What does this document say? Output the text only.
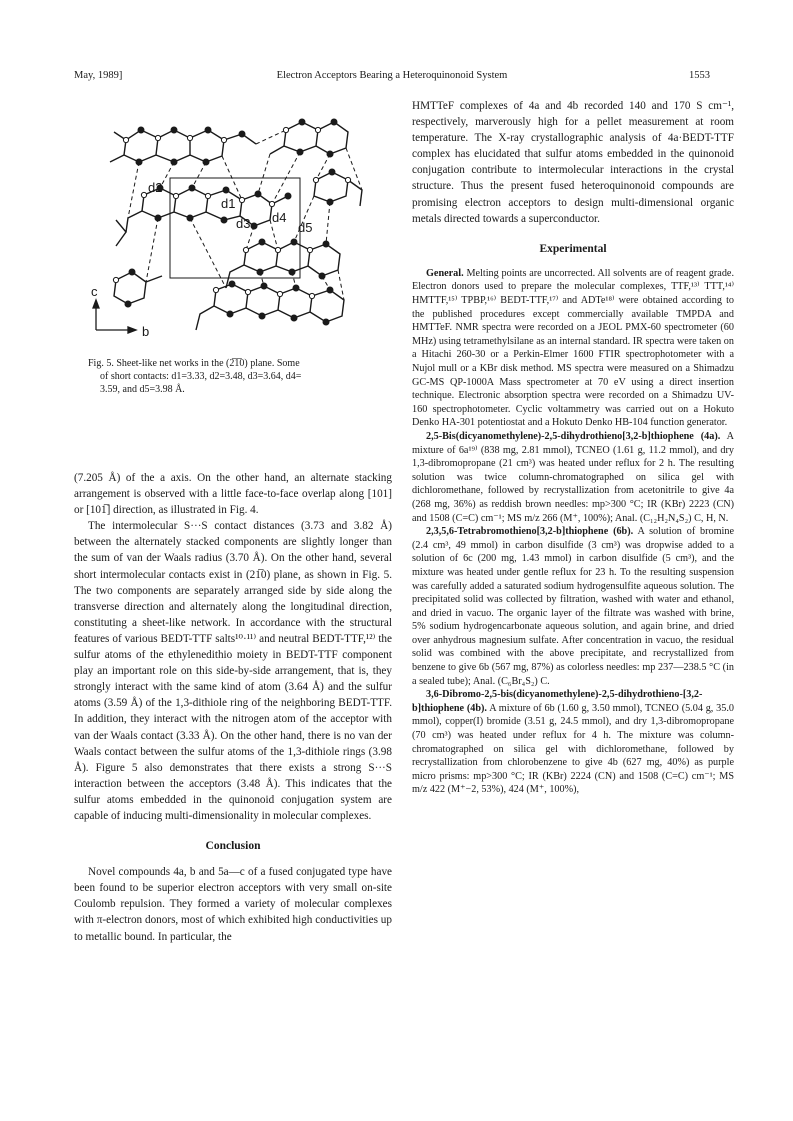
May, 1989]	Electron Acceptors Bearing a Heteroquinonoid System	1553
d2
d1
d3 d4
d5
c
b
Fig. 5. Sheet-like net works in the (2̅1̅0) plane. Some
of short contacts: d1=3.33, d2=3.48, d3=3.64, d4=
3.59, and d5=3.98 Å.

(7.205 Å) of the a axis. On the other hand, an alternate stacking arrangement is observed with a little face-to-face overlap along [101] or [101̅] direction, as illustrated in Fig. 4.

The intermolecular S···S contact distances (3.73 and 3.82 Å) between the alternately stacked components are slightly longer than the sum of van der Waals radius (3.70 Å). On the other hand, several short intermolecular contacts exist in (21̅0) plane, as shown in Fig. 5. The two components are separately arranged side by side along the transverse direction and alternately along the longitudinal direction, constituting a sheet-like network. In accordance with the structural features of various BEDT-TTF salts¹⁰·¹¹⁾ and neutral BEDT-TTF,¹²⁾ the sulfur atoms of the ethylenedithio moiety in BEDT-TTF component play an important role on this side-by-side arrangement, that is, they strongly interact with the same kind of atom (3.64 Å) and the sulfur atoms (3.59 Å) of the 1,3-dithiole ring of the neighboring BEDT-TTF. In addition, they interact with the nitrogen atom of the acceptor with van der Waals contact (3.33 Å). On the other hand, there is no van der Waals contact between the sulfur atoms of the 1,3-dithiole rings (3.98 Å). Figure 5 also demonstrates that there exists a strong S···S interaction between the acceptors (3.48 Å). This indicates that the sulfur atoms embedded in the quinonoid conjugation system are capable of inducing multi-dimensionality in molecular complexes.

Conclusion

Novel compounds 4a, b and 5a—c of a fused conjugated type have been found to be superior electron acceptors with very small on-site Coulomb repulsion. They formed a variety of molecular complexes with π-electron donors, most of which exhibited high conductivities up to metallic bound. In particular, the

HMTTeF complexes of 4a and 4b recorded 140 and 170 S cm⁻¹, respectively, marverously high for a pellet measurement at room temperature. The X-ray crystallographic analysis of 4a·BEDT-TTF complex has elucidated that sulfur atoms embedded in the quinonoid conjugation contribute to intermolecular interactions in the crystal structure. Thus the present fused heteroquinonoid compounds are promising electron acceptors to design multi-dimensional organic metals directed towards a superconductor.

Experimental

General. Melting points are uncorrected. All solvents are of reagent grade. Electron donors used to prepare the molecular complexes, TTF,¹³⁾ TTT,¹⁴⁾ HMTTF,¹⁵⁾ TPBP,¹⁶⁾ BEDT-TTF,¹⁷⁾ and ADTe¹⁸⁾ were obtained according to the published procedures except commercially available TMPDA and HMTTeF. NMR spectra were recorded on a JEOL PMX-60 spectrometer (60 MHz) using tetramethylsilane as an internal standard. IR spectra were taken on a Hitachi 260-30 or a Perkin-Elmer 1600 FTIR spectrophotometer with a Nujol mull or a KBr disk method. MS spectra were measured on a Shimadzu GC-MS QP-1000A Mass spectrometer at 70 eV using a direct insertion technique. Electronic absorption spectra were recorded on a Shimadzu UV-160 spectrophotometer. Cyclic voltammetry was carried out on a Hokuto Denko HA-301 potentiostat and a Hokuto Denko HB-104 function generator.

2,5-Bis(dicyanomethylene)-2,5-dihydrothieno[3,2-b]thiophene (4a). A mixture of 6a¹⁹⁾ (838 mg, 2.81 mmol), TCNEO (1.61 g, 11.2 mmol), and dry 1,3-dibromopropane (21 cm³) was heated under reflux for 2 h. The resulting solution was twice column-chromatographed on silica gel with dichloromethane, followed by recrystallization from acetonitrile to give 4a (268 mg, 36%) as reddish brown needles: mp>300 °C; IR (KBr) 2223 (CN) and 1508 (C=C) cm⁻¹; MS m/z 266 (M⁺, 100%); Anal. (C₁₂H₂N₄S₂) C, H, N.

2,3,5,6-Tetrabromothieno[3,2-b]thiophene (6b). A solution of bromine (2.4 cm³, 49 mmol) in carbon disulfide (3 cm³) was dropwise added to a solution of 6c (200 mg, 1.43 mmol) in carbon disulfide (5 cm³), and the mixture was heated under gentle reflux for 23 h. To the resulting suspension was carefully added a saturated sodium hydrogensulfite aqueous solution. The precipitated solid was collected by filtration, washed with water and ethanol, and dried in vacuo. The organic layer of the filtrate was washed with brine, 5% sodium hydrogencarbonate aqueous solution, and again brine, and dried over anhydrous magnesium sulfate. After concentration in vacuo, the residual solid was combined with the above precipitate, and recrystallized from benzene to give 6b (567 mg, 87%) as colorless needles: mp 237—238.5 °C (in a sealed tube); Anal. (C₆Br₄S₂) C.

3,6-Dibromo-2,5-bis(dicyanomethylene)-2,5-dihydrothieno-[3,2-b]thiophene (4b). A mixture of 6b (1.60 g, 3.50 mmol), TCNEO (5.04 g, 35.0 mmol), copper(I) bromide (3.51 g, 24.5 mmol), and dry 1,3-dibromopropane (70 cm³) was heated under reflux for 4 h. The mixture was column-chromatographed on silica gel with dichloromethane, followed by recrystallization from chlorobenzene to give 4b (627 mg, 40%) as purple micro prisms: mp>300 °C; IR (KBr) 2224 (CN) and 1508 (C=C) cm⁻¹; MS m/z 422 (M⁺−2, 53%), 424 (M⁺, 100%),
